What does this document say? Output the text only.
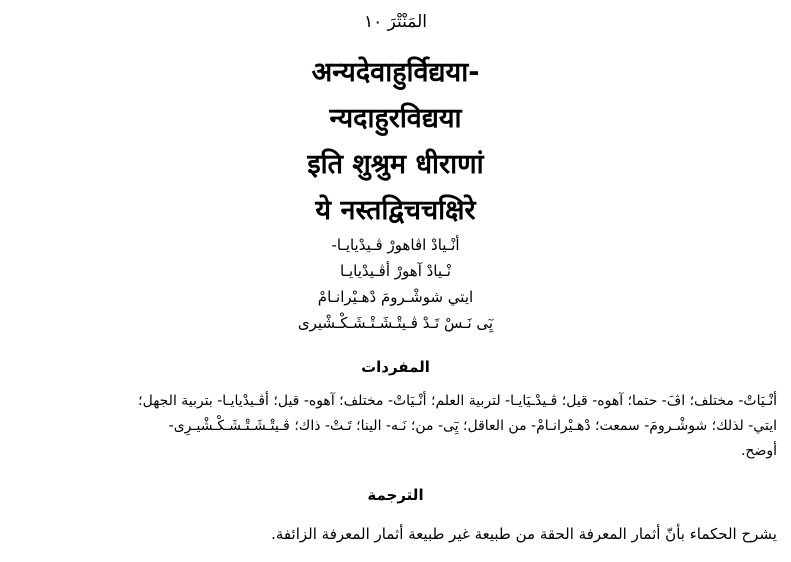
المَنْتْرَ ١٠
अन्यदेवाहुर्विद्यया-
न्यदाहुरविद्यया
इति शुश्रुम धीराणां
ये नस्तद्विचचक्षिरे
أنْـيادْ اڤاهورْ ڤـيدْيايـا-
نْـيادْ آهورْ أڤـيدْيايـا
ايتي شوشْـرومَ دْهـيْرانـامْ
يِٓى نَـسْ تَـدْ ڤـيتْـشَـتْـشَـكْـشْيرى
المفردات
أنْـيَاتْ- مختلف؛ اڤَ- حتما؛ آهوه- قيل؛ ڤـيدْـيَايـا- لتربية العلم؛ أنْـيَاتْ- مختلف؛ آهوه- قيل؛ أڤـيدْيايـا- بتربية الجهل؛
ايتي- لذلك؛ شوشْـرومَ- سمعت؛ دْهـيْرانـامْ- من العاقل؛ يِٓى- من؛ نَـه- الينا؛ تَـتْ- ذاك؛ ڤـيتْـشَـتْـشَـكْـشْيـرِى-
أوضح.
الترجمة
يشرح الحكماء بأنّ أثمار المعرفة الحقة من طبيعة غير طبيعة أثمار المعرفة الزائفة.
